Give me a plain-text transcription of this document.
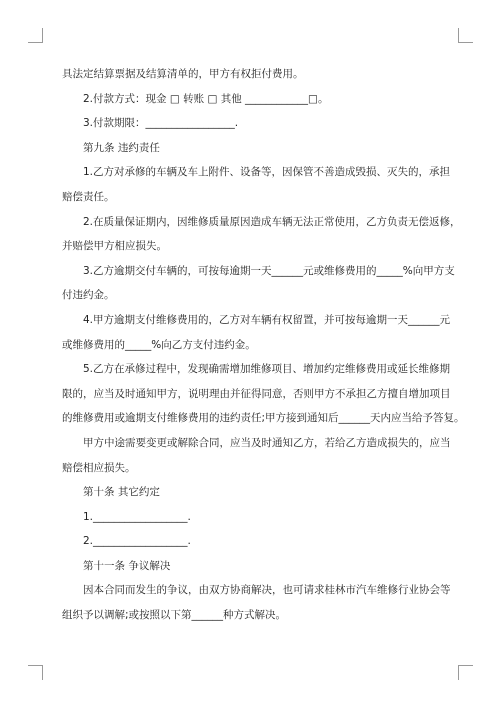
具法定结算票据及结算清单的，甲方有权拒付费用。
2.付款方式：现金 □ 转账 □ 其他 ____________□。
3.付款期限：_________________.
第九条 违约责任
1.乙方对承修的车辆及车上附件、设备等，因保管不善造成毁损、灭失的，承担
赔偿责任。
2.在质量保证期内，因维修质量原因造成车辆无法正常使用，乙方负责无偿返修，
并赔偿甲方相应损失。
3.乙方逾期交付车辆的，可按每逾期一天______元或维修费用的_____%向甲方支
付违约金。
4.甲方逾期支付维修费用的，乙方对车辆有权留置，并可按每逾期一天______元
或维修费用的_____%向乙方支付违约金。
5.乙方在承修过程中，发现确需增加维修项目、增加约定维修费用或延长维修期
限的，应当及时通知甲方，说明理由并征得同意，否则甲方不承担乙方擅自增加项目
的维修费用或逾期支付维修费用的违约责任;甲方接到通知后______天内应当给予答复。
甲方中途需要变更或解除合同，应当及时通知乙方，若给乙方造成损失的，应当
赔偿相应损失。
第十条 其它约定
1.__________________.
2.__________________.
第十一条 争议解决
因本合同而发生的争议，由双方协商解决，也可请求桂林市汽车维修行业协会等
组织予以调解;或按照以下第______种方式解决。
